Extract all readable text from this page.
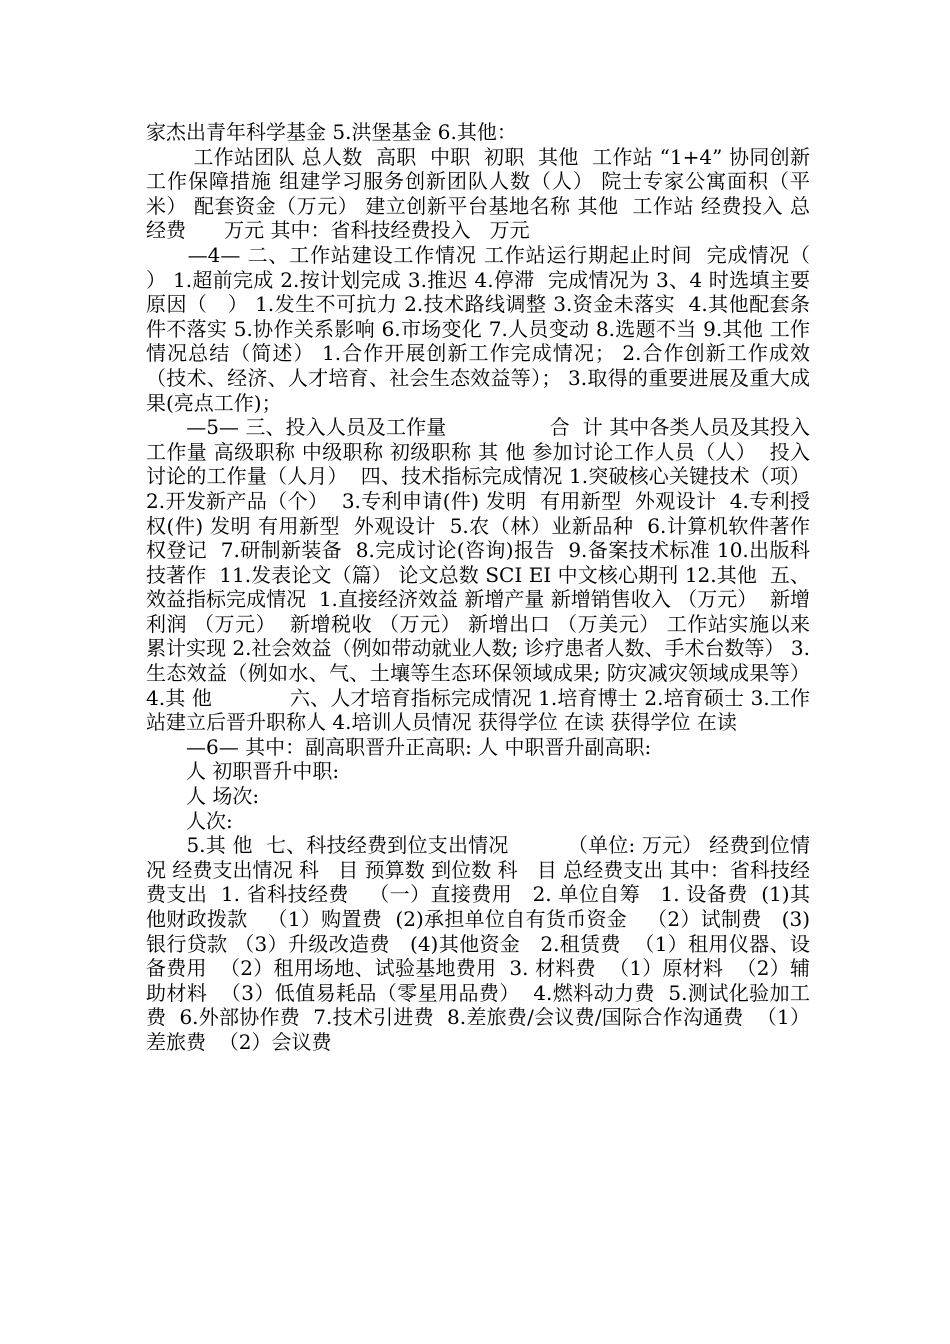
家杰出青年科学基金 5.洪堡基金 6.其他：

　　 工作站团队 总人数  高职  中职  初职  其他  工作站 “1+4” 协同创新工作保障措施 组建学习服务创新团队人数（人） 院士专家公寓面积（平米） 配套资金（万元） 建立创新平台基地名称 其他  工作站 经费投入 总经费      万元 其中：省科技经费投入   万元

　　—4— 二、工作站建设工作情况 工作站运行期起止时间  完成情况（  ） 1.超前完成 2.按计划完成 3.推迟 4.停滞  完成情况为 3、4 时选填主要原因（   ） 1.发生不可抗力 2.技术路线调整 3.资金未落实  4.其他配套条件不落实 5.协作关系影响 6.市场变化 7.人员变动 8.选题不当 9.其他 工作情况总结（简述） 1.合作开展创新工作完成情况； 2.合作创新工作成效（技术、经济、人才培育、社会生态效益等）； 3.取得的重要进展及重大成果(亮点工作)；

　　—5— 三、投入人员及工作量                合  计 其中各类人员及其投入工作量 高级职称 中级职称 初级职称 其 他 参加讨论工作人员（人）  投入讨论的工作量（人月）  四、技术指标完成情况 1.突破核心关键技术（项）  2.开发新产品（个）  3.专利申请(件) 发明  有用新型  外观设计  4.专利授权(件) 发明 有用新型  外观设计  5.农（林）业新品种  6.计算机软件著作权登记  7.研制新装备  8.完成讨论(咨询)报告  9.备案技术标准 10.出版科技著作  11.发表论文（篇） 论文总数 SCI EI 中文核心期刊 12.其他  五、效益指标完成情况  1.直接经济效益 新增产量 新增销售收入 （万元）  新增利润 （万元）  新增税收 （万元） 新增出口 （万美元） 工作站实施以来累计实现 2.社会效益（例如带动就业人数; 诊疗患者人数、手术台数等） 3.生态效益（例如水、气、土壤等生态环保领域成果; 防灾减灾领域成果等） 4.其 他            六、人才培育指标完成情况 1.培育博士 2.培育硕士 3.工作站建立后晋升职称人 4.培训人员情况 获得学位 在读 获得学位 在读

　　—6— 其中：副高职晋升正高职: 人 中职晋升副高职:

　　人 初职晋升中职:

　　人 场次:

　　人次:

　　5.其 他  七、科技经费到位支出情况         （单位: 万元） 经费到位情况 经费支出情况 科   目 预算数 到位数 科   目 总经费支出 其中：省科技经费支出  1. 省科技经费   （一）直接费用   2. 单位自筹   1. 设备费  (1)其他财政拨款   （1）购置费  (2)承担单位自有货币资金   （2）试制费   (3)银行贷款 （3）升级改造费   (4)其他资金   2.租赁费  （1）租用仪器、设备费用  （2）租用场地、试验基地费用  3. 材料费  （1）原材料  （2）辅助材料  （3）低值易耗品（零星用品费）  4.燃料动力费  5.测试化验加工费  6.外部协作费  7.技术引进费  8.差旅费/会议费/国际合作沟通费  （1）差旅费  （2）会议费
